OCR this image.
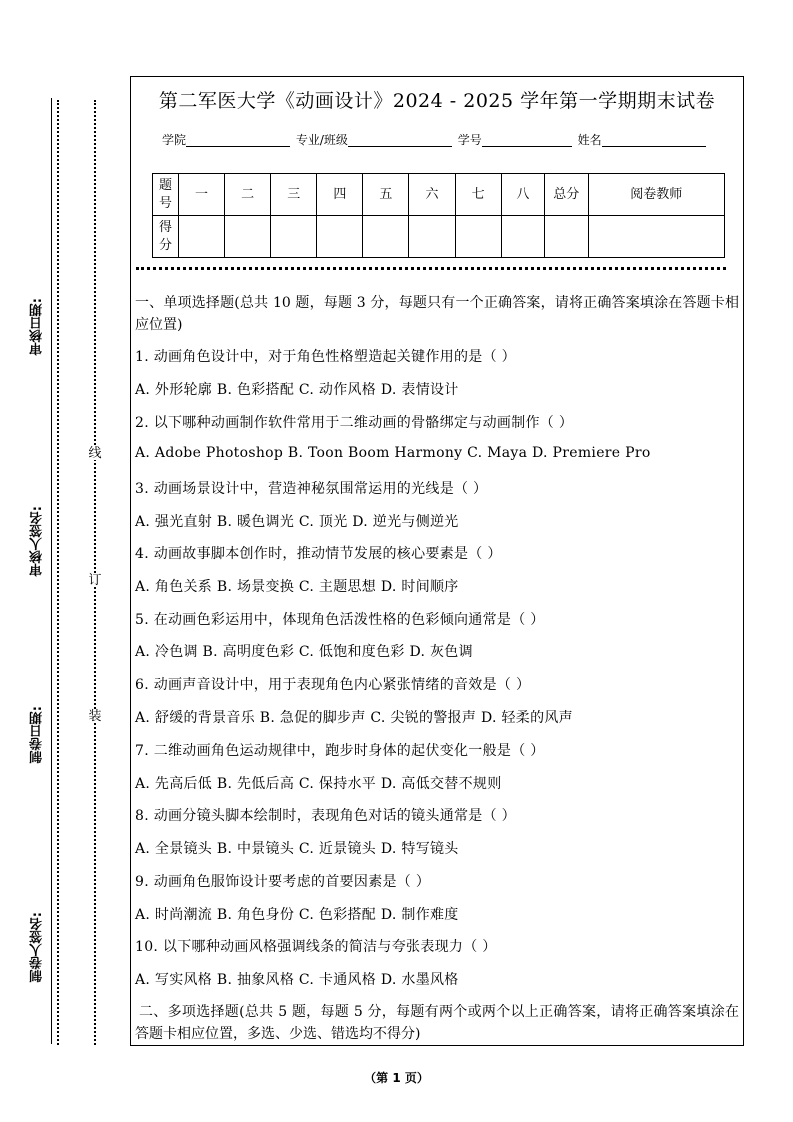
审核日期:
审核人签名:
制卷日期:
制卷人签名:
线
订
装
第二军医大学《动画设计》2024 - 2025 学年第一学期期末试卷
学院	专业/班级	学号	姓名
题号	一	二	三	四	五	六	七	八	总分	阅卷教师
得分										
一、单项选择题(总共 10 题，每题 3 分，每题只有一个正确答案，请将正确答案填涂在答题卡相应位置)
1. 动画角色设计中，对于角色性格塑造起关键作用的是（ ）
A. 外形轮廓 B. 色彩搭配 C. 动作风格 D. 表情设计
2. 以下哪种动画制作软件常用于二维动画的骨骼绑定与动画制作（ ）
A. Adobe Photoshop B. Toon Boom Harmony C. Maya D. Premiere Pro
3. 动画场景设计中，营造神秘氛围常运用的光线是（ ）
A. 强光直射 B. 暖色调光 C. 顶光 D. 逆光与侧逆光
4. 动画故事脚本创作时，推动情节发展的核心要素是（ ）
A. 角色关系 B. 场景变换 C. 主题思想 D. 时间顺序
5. 在动画色彩运用中，体现角色活泼性格的色彩倾向通常是（ ）
A. 冷色调 B. 高明度色彩 C. 低饱和度色彩 D. 灰色调
6. 动画声音设计中，用于表现角色内心紧张情绪的音效是（ ）
A. 舒缓的背景音乐 B. 急促的脚步声 C. 尖锐的警报声 D. 轻柔的风声
7. 二维动画角色运动规律中，跑步时身体的起伏变化一般是（ ）
A. 先高后低 B. 先低后高 C. 保持水平 D. 高低交替不规则
8. 动画分镜头脚本绘制时，表现角色对话的镜头通常是（ ）
A. 全景镜头 B. 中景镜头 C. 近景镜头 D. 特写镜头
9. 动画角色服饰设计要考虑的首要因素是（ ）
A. 时尚潮流 B. 角色身份 C. 色彩搭配 D. 制作难度
10. 以下哪种动画风格强调线条的简洁与夸张表现力（ ）
A. 写实风格 B. 抽象风格 C. 卡通风格 D. 水墨风格
二、多项选择题(总共 5 题，每题 5 分，每题有两个或两个以上正确答案，请将正确答案填涂在答题卡相应位置，多选、少选、错选均不得分)
（第 1 页）
